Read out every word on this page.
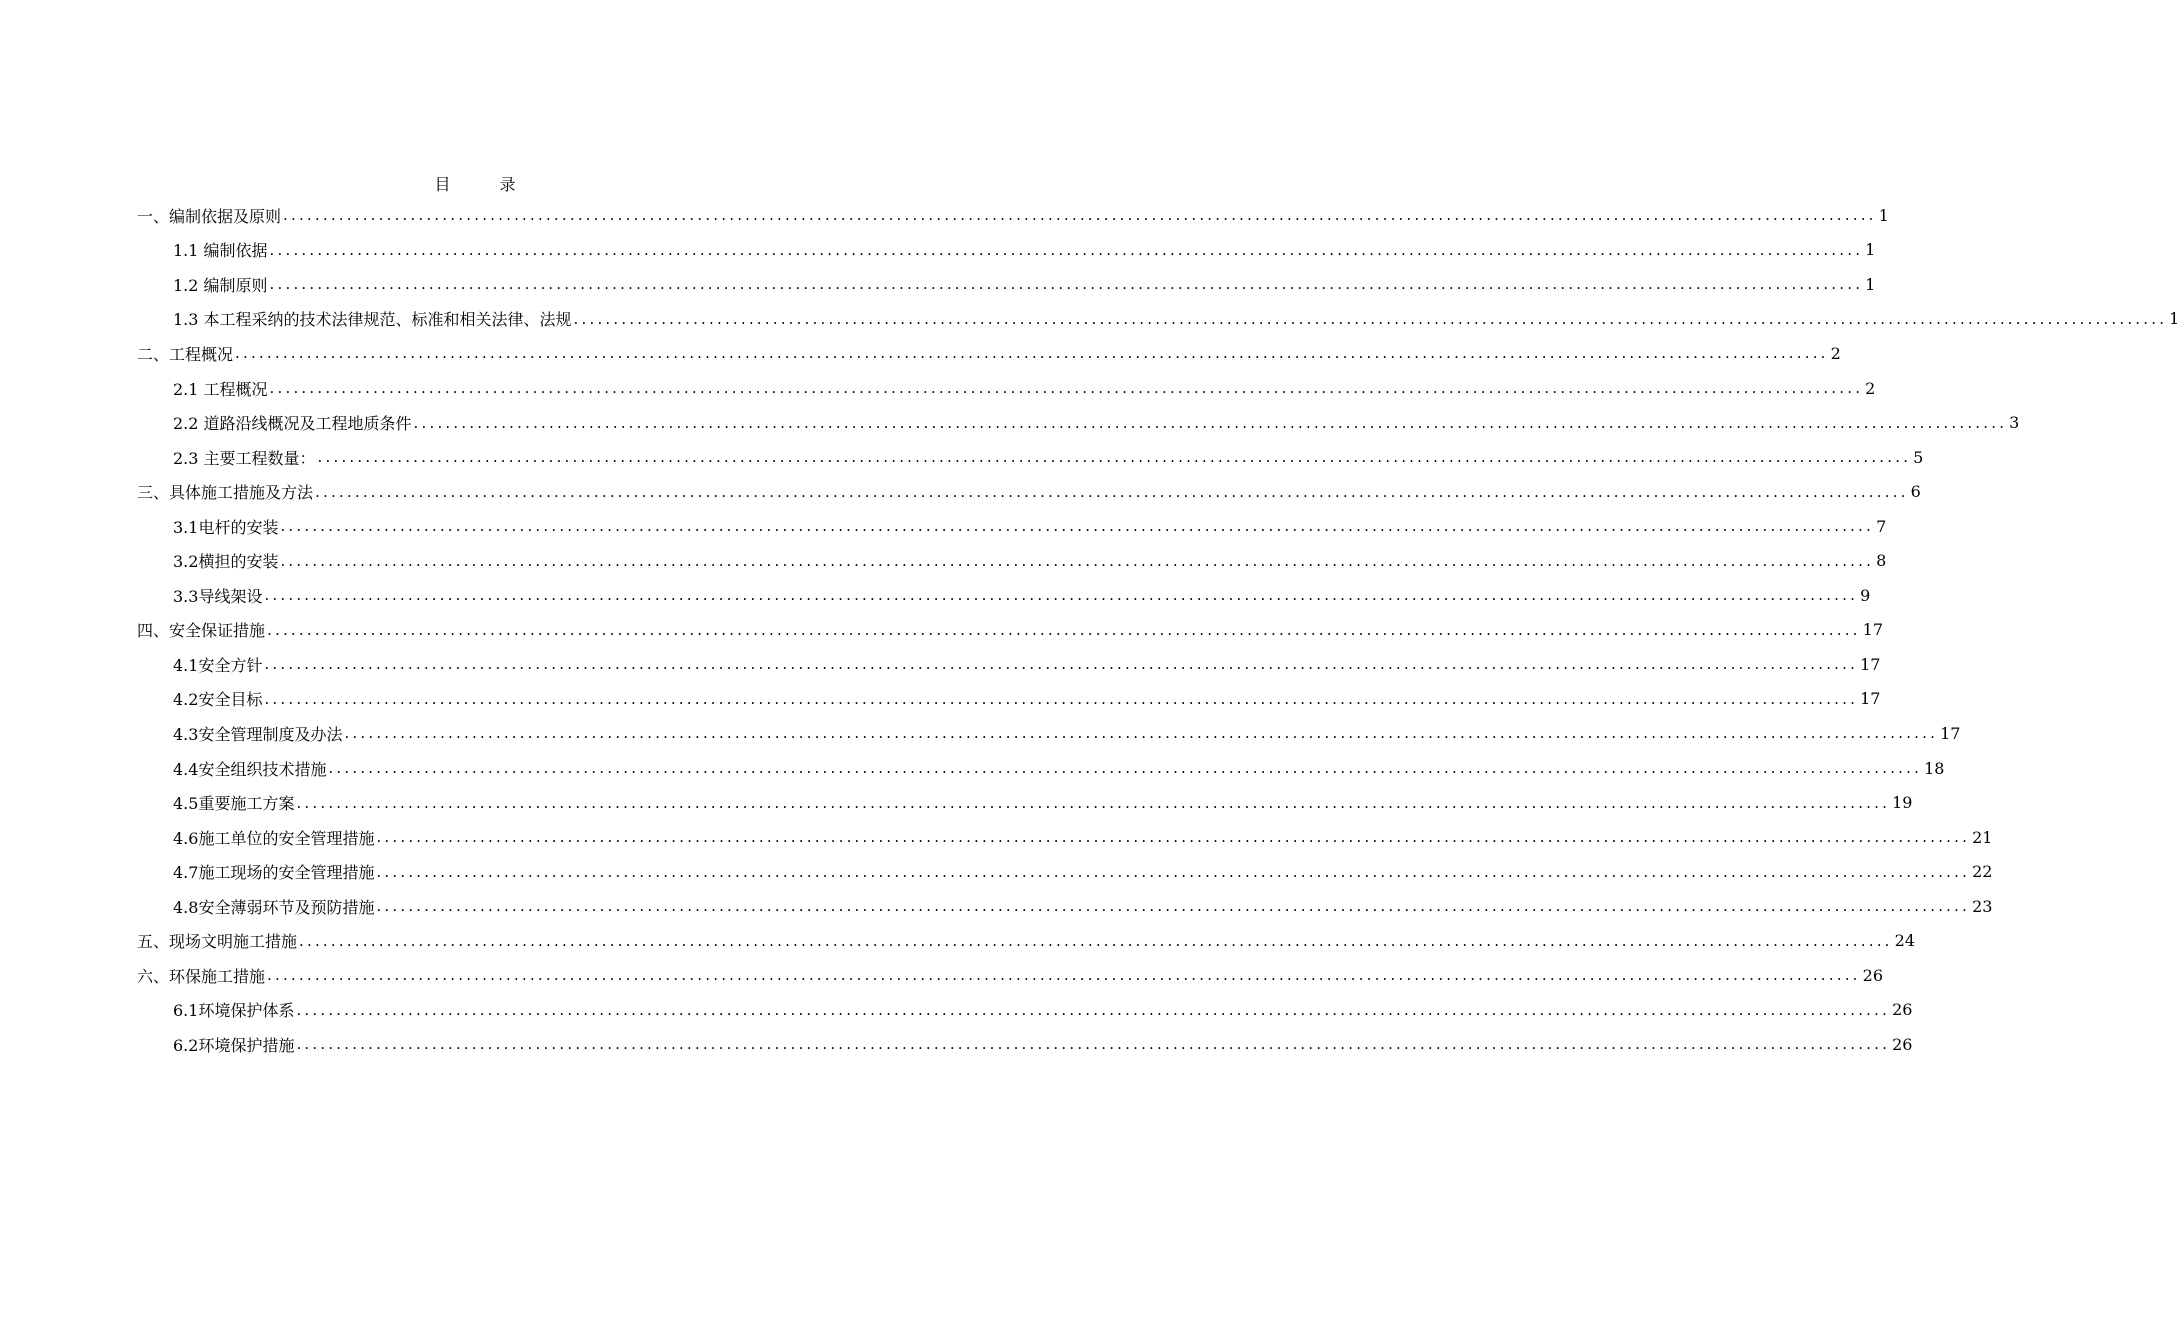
目 录
一、编制依据及原则 ........................................................................................................................................................................................................ 1
1.1 编制依据 ........................................................................................................................................................................................................ 1
1.2 编制原则 ........................................................................................................................................................................................................ 1
1.3 本工程采纳的技术法律规范、标准和相关法律、法规 ........................................................................................................................................................................................................ 1
二、工程概况 ........................................................................................................................................................................................................ 2
2.1 工程概况 ........................................................................................................................................................................................................ 2
2.2 道路沿线概况及工程地质条件 ........................................................................................................................................................................................................ 3
2.3 主要工程数量： ........................................................................................................................................................................................................ 5
三、具体施工措施及方法 ........................................................................................................................................................................................................ 6
3.1电杆的安装 ........................................................................................................................................................................................................ 7
3.2横担的安装 ........................................................................................................................................................................................................ 8
3.3导线架设 ........................................................................................................................................................................................................ 9
四、安全保证措施 ........................................................................................................................................................................................................ 17
4.1安全方针 ........................................................................................................................................................................................................ 17
4.2安全目标 ........................................................................................................................................................................................................ 17
4.3安全管理制度及办法 ........................................................................................................................................................................................................ 17
4.4安全组织技术措施 ........................................................................................................................................................................................................ 18
4.5重要施工方案 ........................................................................................................................................................................................................ 19
4.6施工单位的安全管理措施 ........................................................................................................................................................................................................ 21
4.7施工现场的安全管理措施 ........................................................................................................................................................................................................ 22
4.8安全薄弱环节及预防措施 ........................................................................................................................................................................................................ 23
五、现场文明施工措施 ........................................................................................................................................................................................................ 24
六、环保施工措施 ........................................................................................................................................................................................................ 26
6.1环境保护体系 ........................................................................................................................................................................................................ 26
6.2环境保护措施 ........................................................................................................................................................................................................ 26
